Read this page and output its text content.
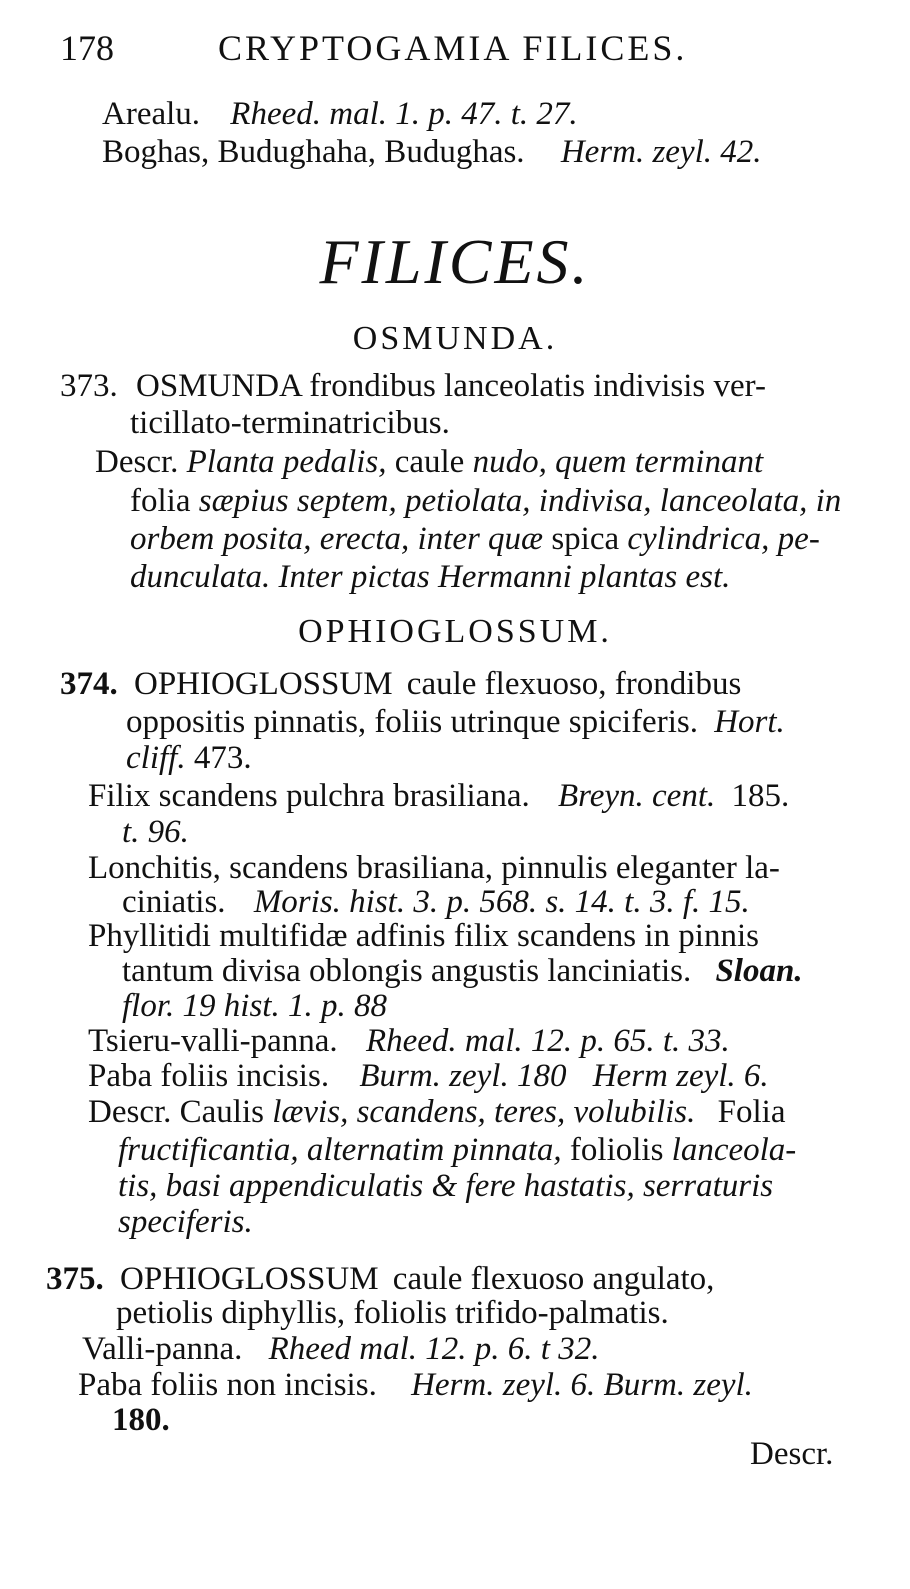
178	CRYPTOGAMIA FILICES.
Arealu. Rheed. mal. 1. p. 47. t. 27.
Boghas, Budughaha, Budughas. Herm. zeyl. 42.
FILICES.
OSMUNDA.
373. OSMUNDA frondibus lanceolatis indivisis ver-
ticillato-terminatricibus.
Descr. Planta pedalis, caule nudo, quem terminant
folia sæpius septem, petiolata, indivisa, lanceolata, in
orbem posita, erecta, inter quæ spica cylindrica, pe-
dunculata. Inter pictas Hermanni plantas est.
OPHIOGLOSSUM.
374. OPHIOGLOSSUM caule flexuoso, frondibus
oppositis pinnatis, foliis utrinque spiciferis. Hort.
cliff. 473.
Filix scandens pulchra brasiliana. Breyn. cent. 185.
t. 96.
Lonchitis, scandens brasiliana, pinnulis eleganter la-
ciniatis. Moris. hist. 3. p. 568. s. 14. t. 3. f. 15.
Phyllitidi multifidæ adfinis filix scandens in pinnis
tantum divisa oblongis angustis lanciniatis. Sloan.
flor. 19 hist. 1. p. 88
Tsieru-valli-panna. Rheed. mal. 12. p. 65. t. 33.
Paba foliis incisis. Burm. zeyl. 180 Herm zeyl. 6.
Descr. Caulis lævis, scandens, teres, volubilis. Folia
fructificantia, alternatim pinnata, foliolis lanceola-
tis, basi appendiculatis & fere hastatis, serraturis
speciferis.
375. OPHIOGLOSSUM caule flexuoso angulato,
petiolis diphyllis, foliolis trifido-palmatis.
Valli-panna. Rheed mal. 12. p. 6. t 32.
Paba foliis non incisis. Herm. zeyl. 6. Burm. zeyl.
180.
Descr.
